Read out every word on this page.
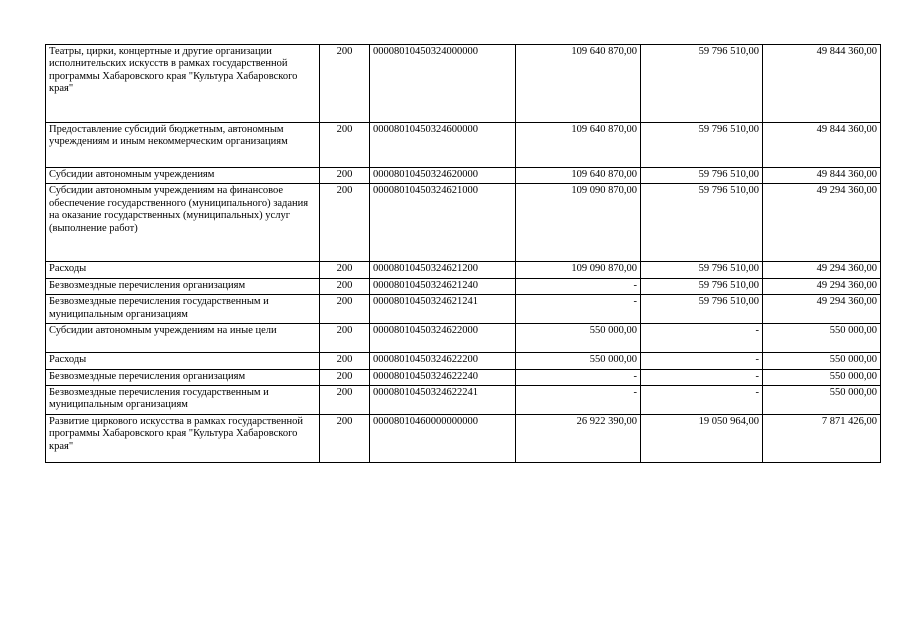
Театры, цирки, концертные и другие организации исполнительских искусств в рамках государственной программы Хабаровского края "Культура Хабаровского края"	200	00008010450324000000	109 640 870,00	59 796 510,00	49 844 360,00
Предоставление субсидий бюджетным, автономным учреждениям и иным некоммерческим организациям	200	00008010450324600000	109 640 870,00	59 796 510,00	49 844 360,00
Субсидии автономным учреждениям	200	00008010450324620000	109 640 870,00	59 796 510,00	49 844 360,00
Субсидии автономным учреждениям на финансовое обеспечение государственного (муниципального) задания на оказание государственных (муниципальных) услуг (выполнение работ)	200	00008010450324621000	109 090 870,00	59 796 510,00	49 294 360,00
Расходы	200	00008010450324621200	109 090 870,00	59 796 510,00	49 294 360,00
Безвозмездные перечисления организациям	200	00008010450324621240	-	59 796 510,00	49 294 360,00
Безвозмездные перечисления государственным и муниципальным организациям	200	00008010450324621241	-	59 796 510,00	49 294 360,00
Субсидии автономным учреждениям на иные цели	200	00008010450324622000	550 000,00	-	550 000,00
Расходы	200	00008010450324622200	550 000,00	-	550 000,00
Безвозмездные перечисления организациям	200	00008010450324622240	-	-	550 000,00
Безвозмездные перечисления государственным и муниципальным организациям	200	00008010450324622241	-	-	550 000,00
Развитие циркового искусства в рамках государственной программы Хабаровского края "Культура Хабаровского края"	200	00008010460000000000	26 922 390,00	19 050 964,00	7 871 426,00
